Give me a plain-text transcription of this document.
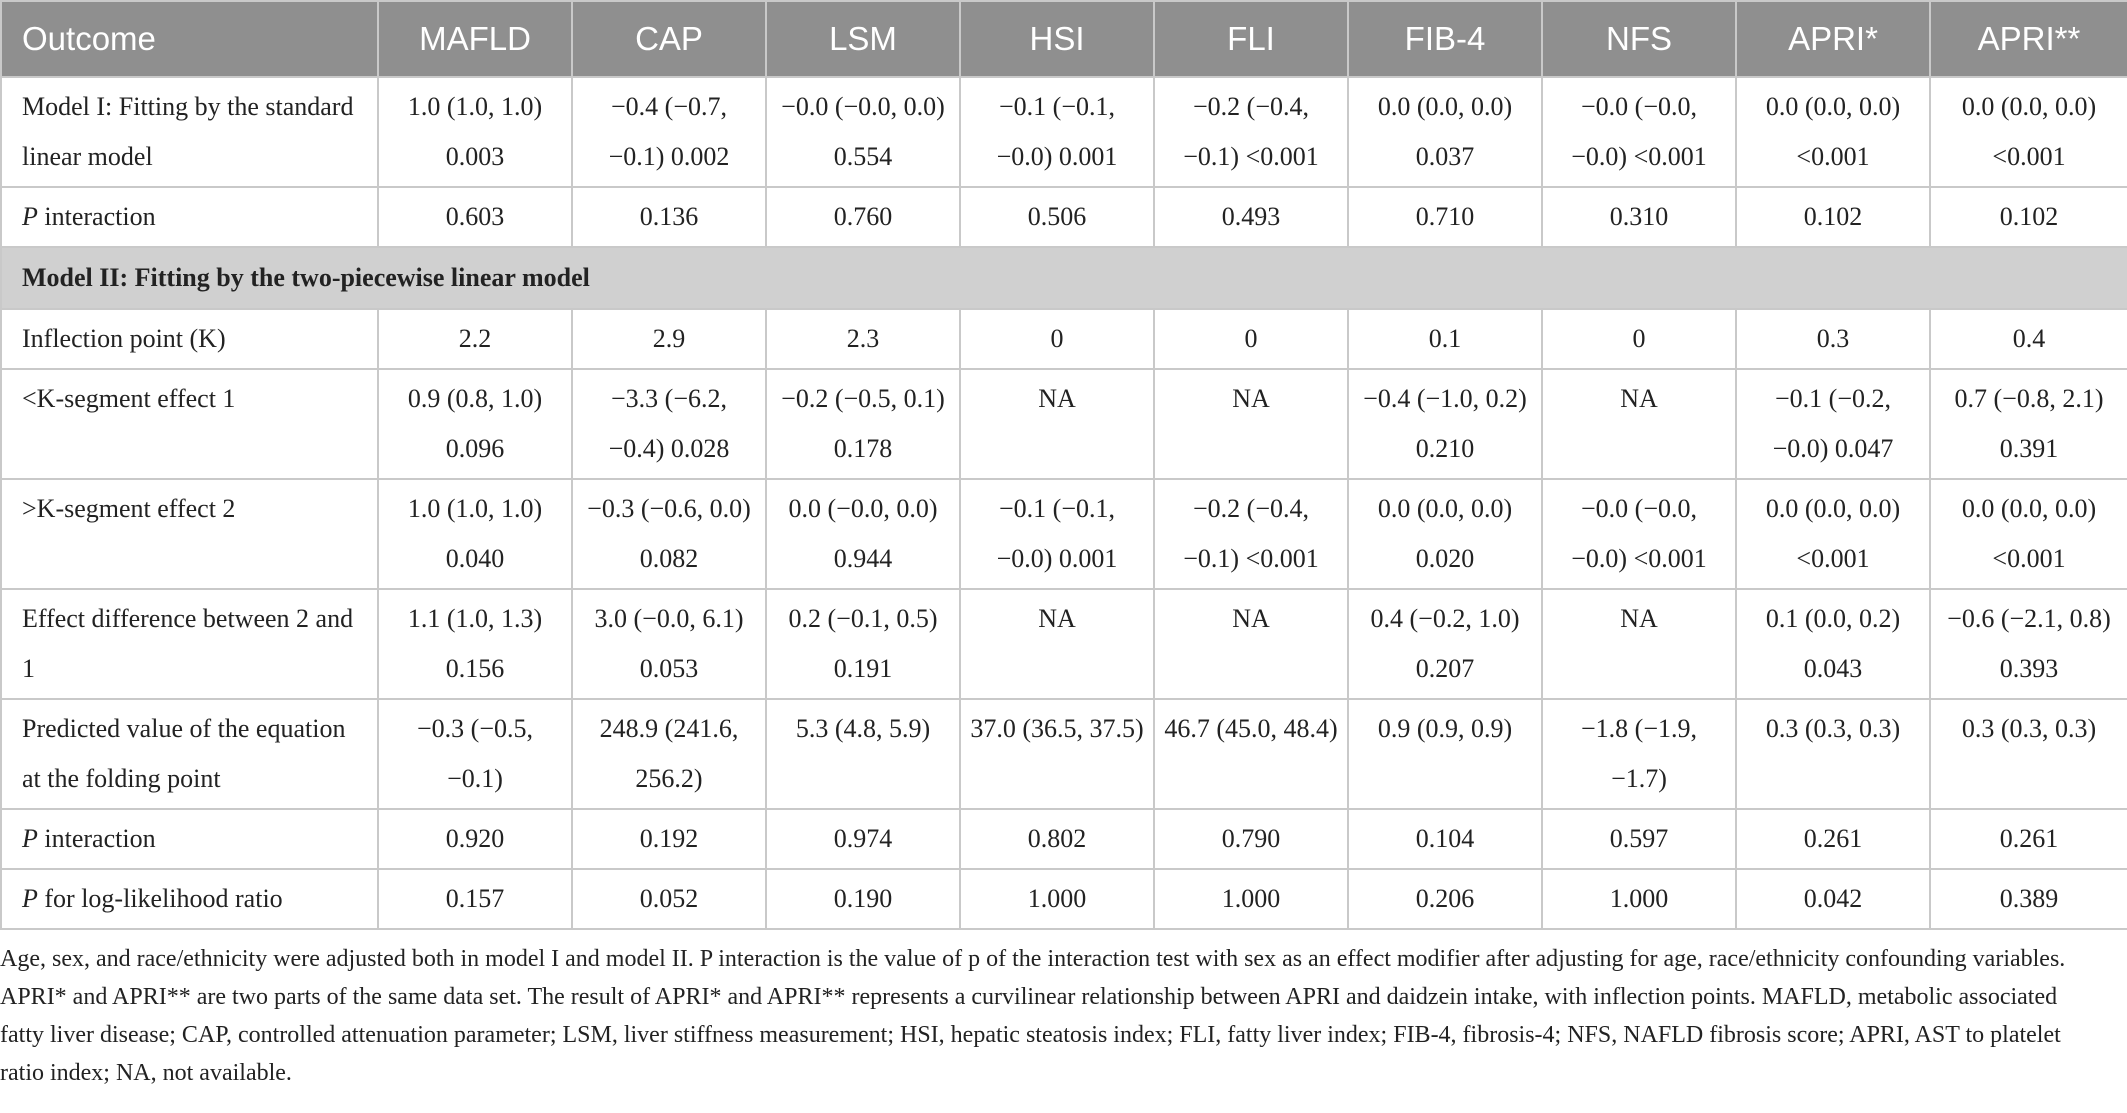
Outcome	MAFLD	CAP	LSM	HSI	FLI	FIB-4	NFS	APRI*	APRI**
Model I: Fitting by the standard linear model	1.0 (1.0, 1.0) 0.003	−0.4 (−0.7, −0.1) 0.002	−0.0 (−0.0, 0.0) 0.554	−0.1 (−0.1, −0.0) 0.001	−0.2 (−0.4, −0.1) <0.001	0.0 (0.0, 0.0) 0.037	−0.0 (−0.0, −0.0) <0.001	0.0 (0.0, 0.0) <0.001	0.0 (0.0, 0.0) <0.001
P interaction	0.603	0.136	0.760	0.506	0.493	0.710	0.310	0.102	0.102
Model II: Fitting by the two-piecewise linear model									
Inflection point (K)	2.2	2.9	2.3	0	0	0.1	0	0.3	0.4
<K-segment effect 1	0.9 (0.8, 1.0) 0.096	−3.3 (−6.2, −0.4) 0.028	−0.2 (−0.5, 0.1) 0.178	NA	NA	−0.4 (−1.0, 0.2) 0.210	NA	−0.1 (−0.2, −0.0) 0.047	0.7 (−0.8, 2.1) 0.391
>K-segment effect 2	1.0 (1.0, 1.0) 0.040	−0.3 (−0.6, 0.0) 0.082	0.0 (−0.0, 0.0) 0.944	−0.1 (−0.1, −0.0) 0.001	−0.2 (−0.4, −0.1) <0.001	0.0 (0.0, 0.0) 0.020	−0.0 (−0.0, −0.0) <0.001	0.0 (0.0, 0.0) <0.001	0.0 (0.0, 0.0) <0.001
Effect difference between 2 and 1	1.1 (1.0, 1.3) 0.156	3.0 (−0.0, 6.1) 0.053	0.2 (−0.1, 0.5) 0.191	NA	NA	0.4 (−0.2, 1.0) 0.207	NA	0.1 (0.0, 0.2) 0.043	−0.6 (−2.1, 0.8) 0.393
Predicted value of the equation at the folding point	−0.3 (−0.5, −0.1)	248.9 (241.6, 256.2)	5.3 (4.8, 5.9)	37.0 (36.5, 37.5)	46.7 (45.0, 48.4)	0.9 (0.9, 0.9)	−1.8 (−1.9, −1.7)	0.3 (0.3, 0.3)	0.3 (0.3, 0.3)
P interaction	0.920	0.192	0.974	0.802	0.790	0.104	0.597	0.261	0.261
P for log-likelihood ratio	0.157	0.052	0.190	1.000	1.000	0.206	1.000	0.042	0.389

Age, sex, and race/ethnicity were adjusted both in model I and model II. P interaction is the value of p of the interaction test with sex as an effect modifier after adjusting for age, race/ethnicity confounding variables. APRI* and APRI** are two parts of the same data set. The result of APRI* and APRI** represents a curvilinear relationship between APRI and daidzein intake, with inflection points. MAFLD, metabolic associated fatty liver disease; CAP, controlled attenuation parameter; LSM, liver stiffness measurement; HSI, hepatic steatosis index; FLI, fatty liver index; FIB-4, fibrosis-4; NFS, NAFLD fibrosis score; APRI, AST to platelet ratio index; NA, not available.
